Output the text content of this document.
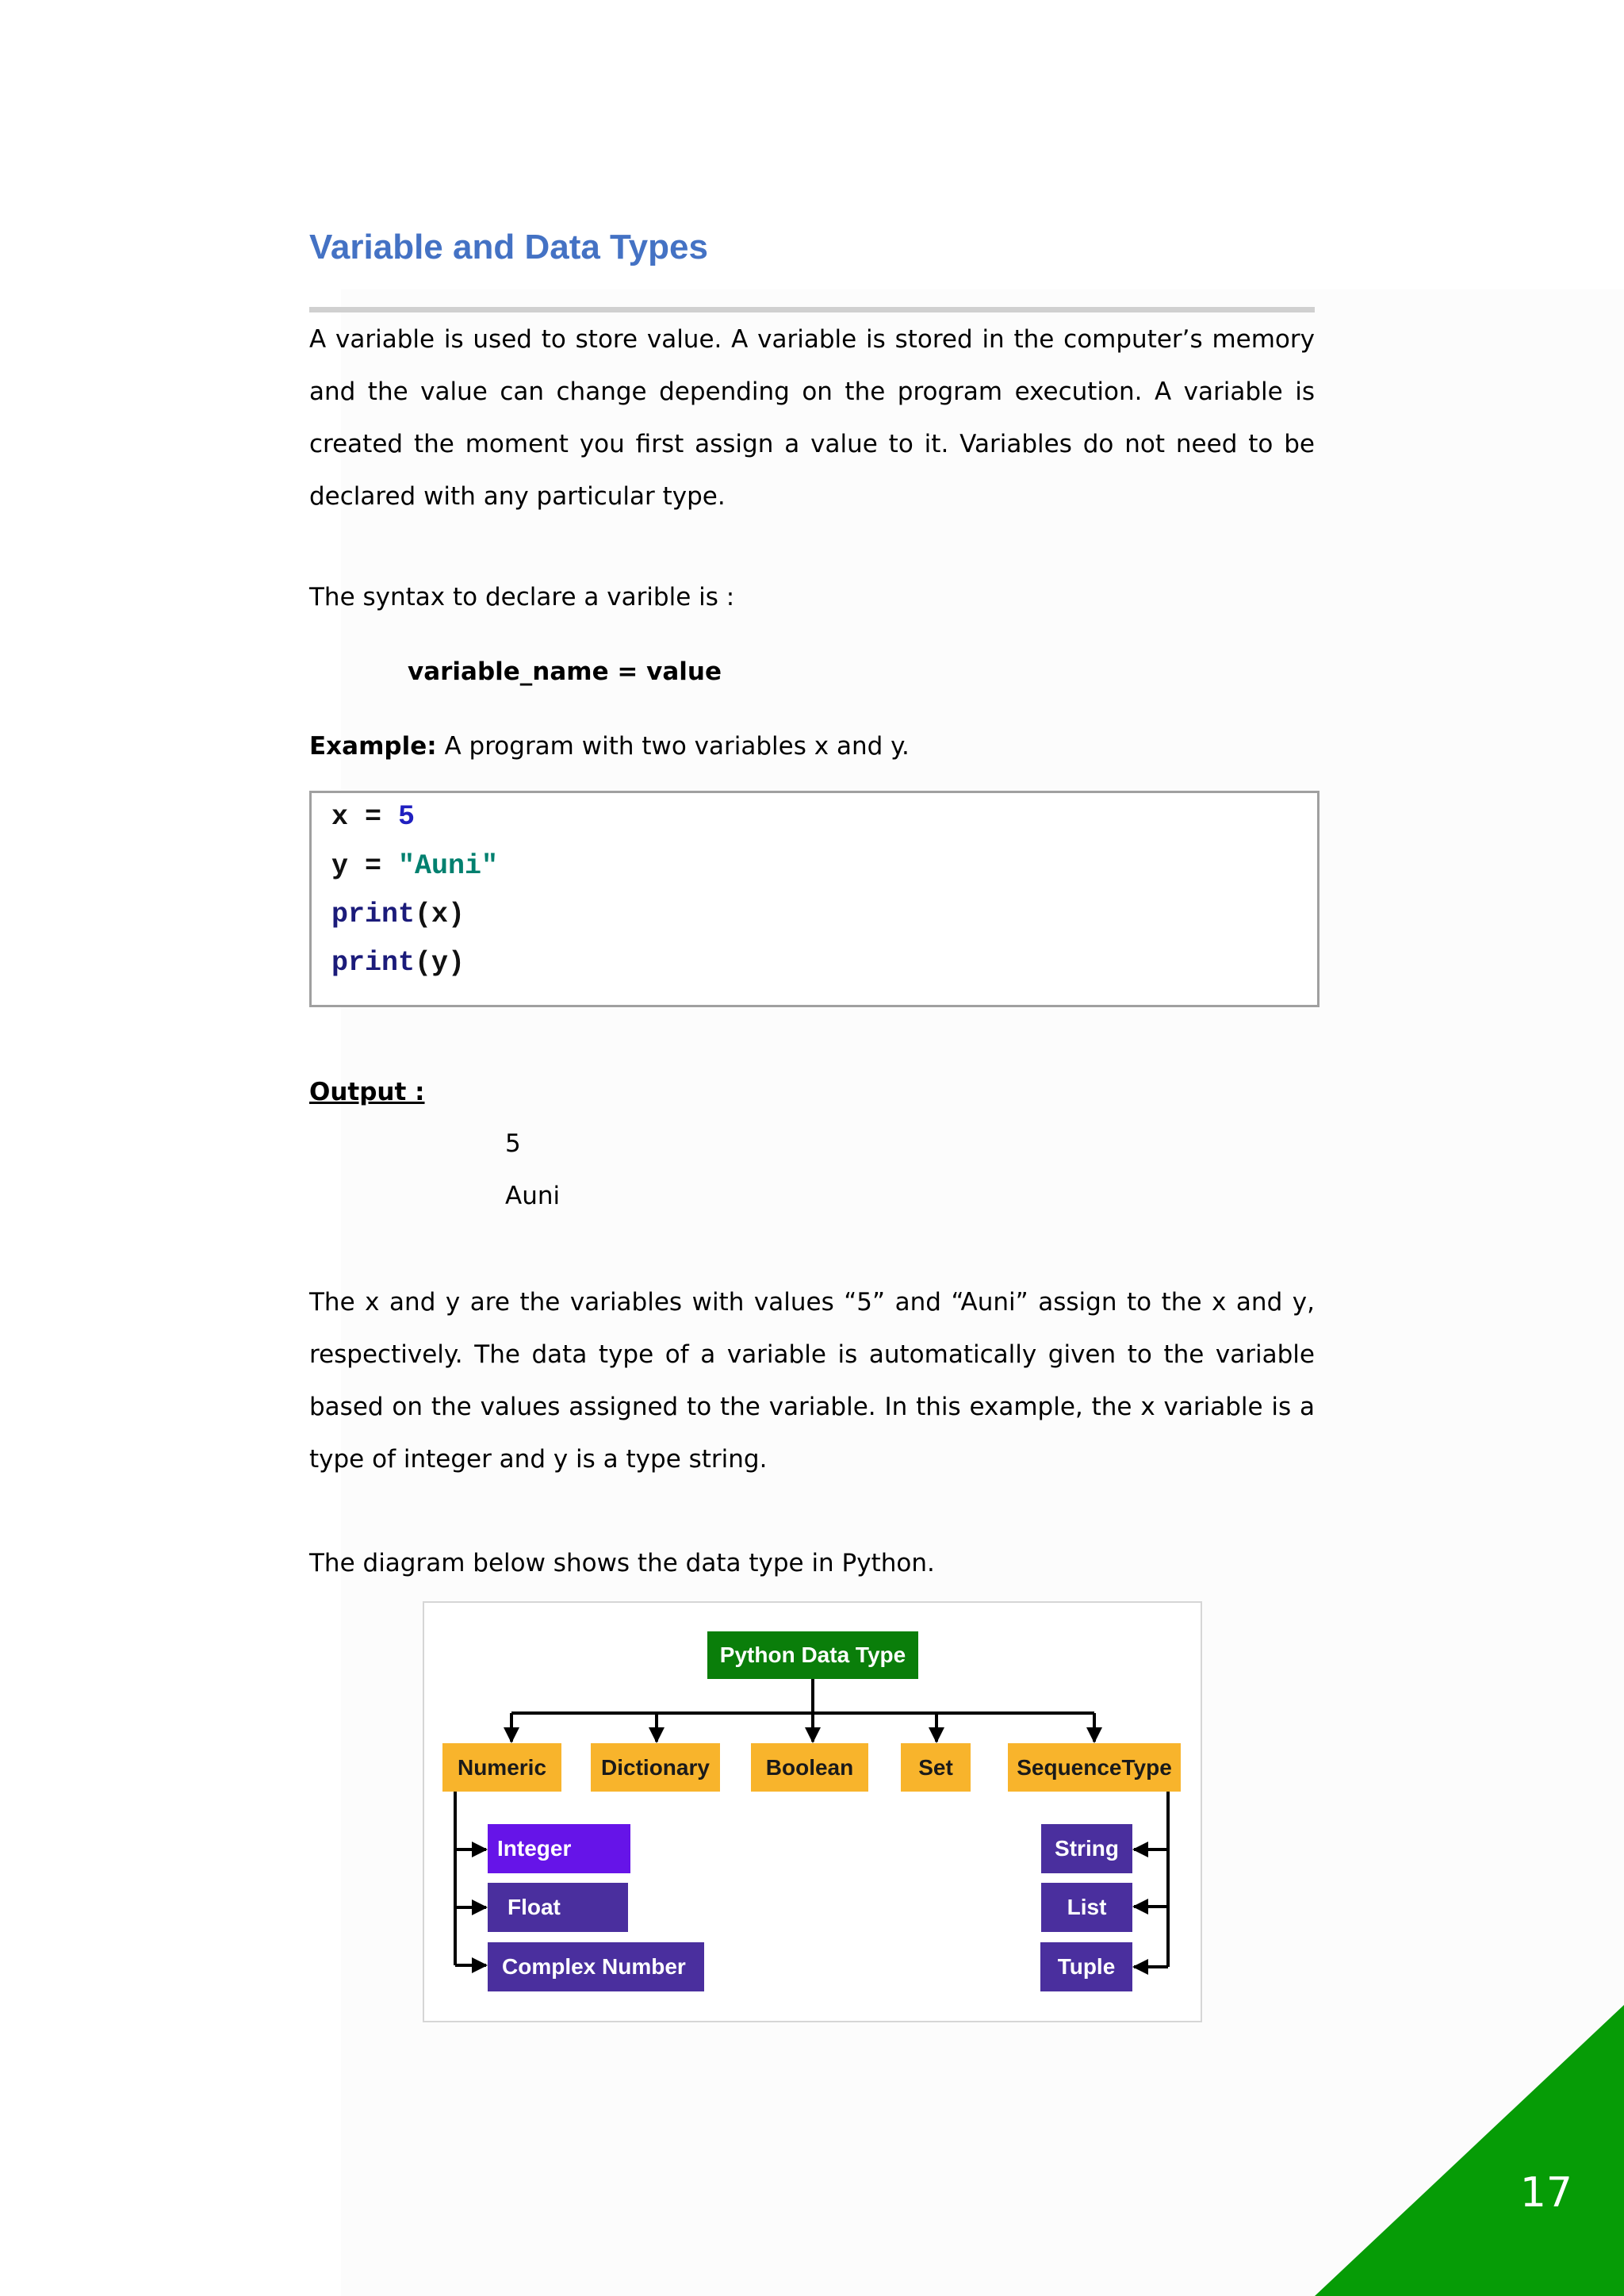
Variable and Data Types

A variable is used to store value. A variable is stored in the computer’s memory and the value can change depending on the program execution. A variable is created the moment you first assign a value to it. Variables do not need to be declared with any particular type.

The syntax to declare a varible is :
variable_name = value
Example: A program with two variables x and y.
x = 5
y = "Auni"
print(x)
print(y)
Output :
5
Auni

The x and y are the variables with values “5” and “Auni” assign to the x and y, respectively. The data type of a variable is automatically given to the variable based on the values assigned to the variable. In this example, the x variable is a type of integer and y is a type string.

The diagram below shows the data type in Python.
Python Data Type
Numeric	Dictionary	Boolean	Set	SequenceType
Integer
Float
Complex Number
String
List
Tuple
17
